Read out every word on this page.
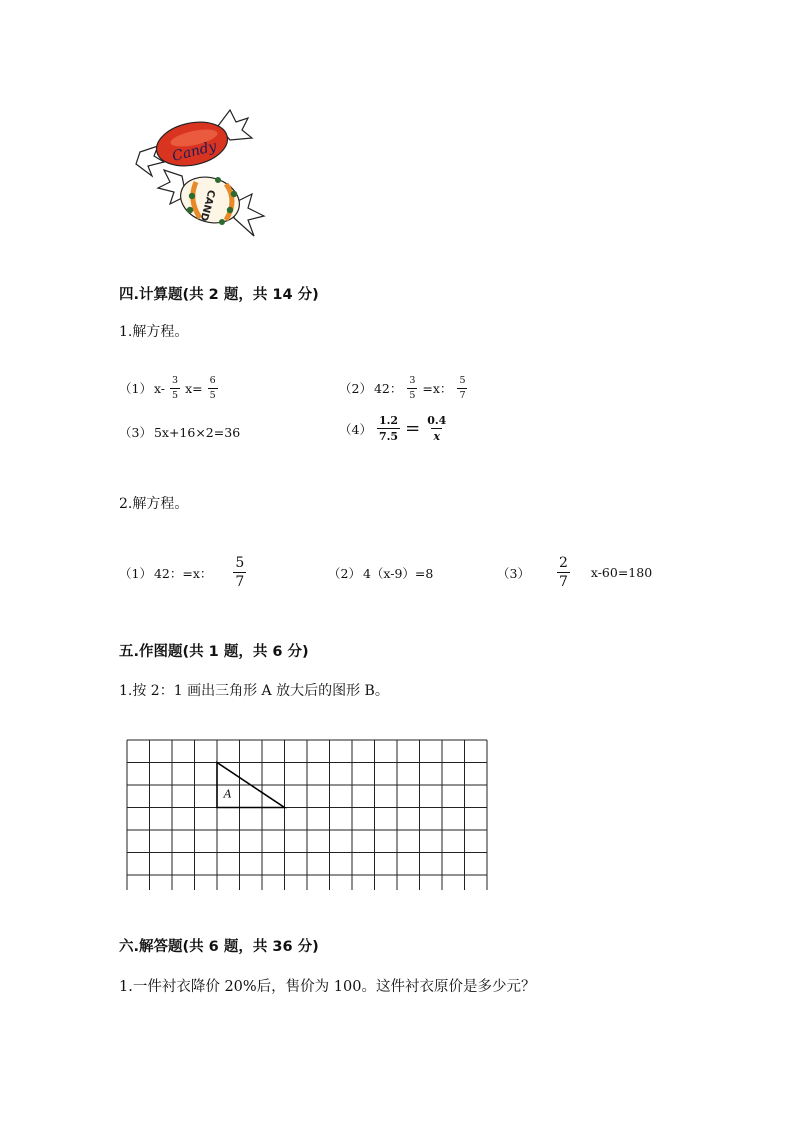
Candy
CAND
四.计算题(共 2 题，共 14 分)
1.解方程。
（1） $x- \frac{3}{5} x= \frac{6}{5}$	（2） 42： $\frac{3}{5} =x$： $\frac{5}{7}$
（3） 5x+16×2=36	$(4) \frac{1.2}{7.5} = \frac{0.4}{x}$
2.解方程。
（1） 42：=x： $\frac{5}{7}$	（2） 4（x-9）=8	$(3) \frac{2}{7} x-60=180$
五.作图题(共 1 题，共 6 分)
1.按 2：1 画出三角形 A 放大后的图形 B。
A
六.解答题(共 6 题，共 36 分)
1.一件衬衣降价 20%后，售价为 100。这件衬衣原价是多少元？
